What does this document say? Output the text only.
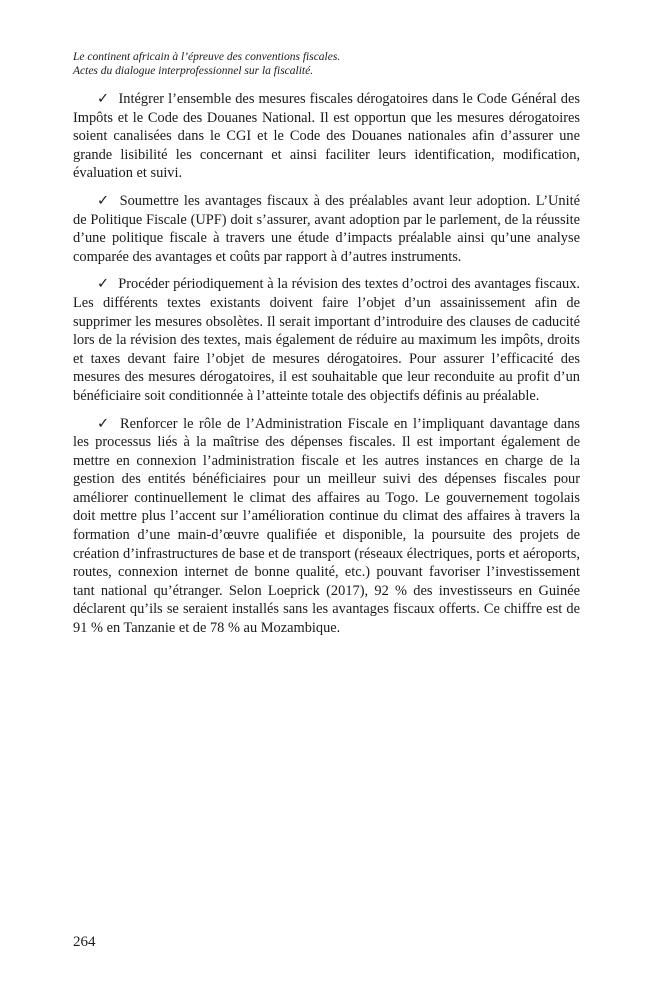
Le continent africain à l’épreuve des conventions fiscales.
Actes du dialogue interprofessionnel sur la fiscalité.

✓ Intégrer l’ensemble des mesures fiscales dérogatoires dans le Code Général des Impôts et le Code des Douanes National. Il est opportun que les mesures dérogatoires soient canalisées dans le CGI et le Code des Douanes nationales afin d’assurer une grande lisibilité les concernant et ainsi faciliter leurs identification, modification, évaluation et suivi.

✓ Soumettre les avantages fiscaux à des préalables avant leur adoption. L’Unité de Politique Fiscale (UPF) doit s’assurer, avant adoption par le parlement, de la réussite d’une politique fiscale à travers une étude d’impacts préalable ainsi qu’une analyse comparée des avantages et coûts par rapport à d’autres instruments.

✓ Procéder périodiquement à la révision des textes d’octroi des avantages fiscaux. Les différents textes existants doivent faire l’objet d’un assainissement afin de supprimer les mesures obsolètes. Il serait important d’introduire des clauses de caducité lors de la révision des textes, mais également de réduire au maximum les impôts, droits et taxes devant faire l’objet de mesures dérogatoires. Pour assurer l’efficacité des mesures des mesures dérogatoires, il est souhaitable que leur reconduite au profit d’un bénéficiaire soit conditionnée à l’atteinte totale des objectifs définis au préalable.

✓ Renforcer le rôle de l’Administration Fiscale en l’impliquant davantage dans les processus liés à la maîtrise des dépenses fiscales. Il est important également de mettre en connexion l’administration fiscale et les autres instances en charge de la gestion des entités bénéficiaires pour un meilleur suivi des dépenses fiscales pour améliorer continuellement le climat des affaires au Togo. Le gouvernement togolais doit mettre plus l’accent sur l’amélioration continue du climat des affaires à travers la formation d’une main-d’œuvre qualifiée et disponible, la poursuite des projets de création d’infrastructures de base et de transport (réseaux électriques, ports et aéroports, routes, connexion internet de bonne qualité, etc.) pouvant favoriser l’investissement tant national qu’étranger. Selon Loeprick (2017), 92 % des investisseurs en Guinée déclarent qu’ils se seraient installés sans les avantages fiscaux offerts. Ce chiffre est de 91 % en Tanzanie et de 78 % au Mozambique.

264
